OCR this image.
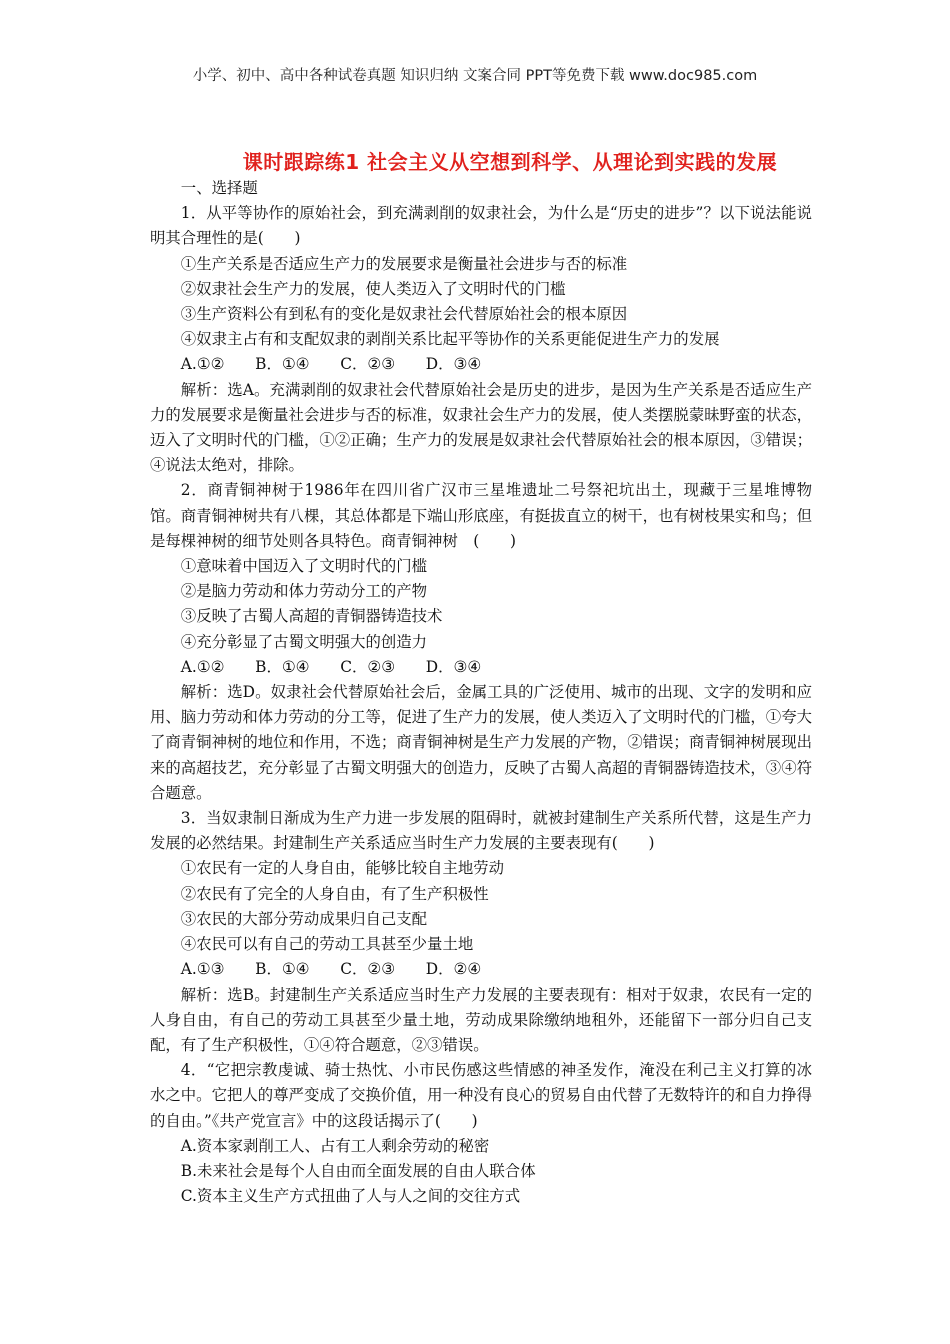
小学、初中、高中各种试卷真题 知识归纳 文案合同 PPT等免费下载 www.doc985.com
课时跟踪练1 社会主义从空想到科学、从理论到实践的发展

一、选择题

1．从平等协作的原始社会，到充满剥削的奴隶社会，为什么是“历史的进步”？以下说法能说明其合理性的是(　　)

①生产关系是否适应生产力的发展要求是衡量社会进步与否的标准

②奴隶社会生产力的发展，使人类迈入了文明时代的门槛

③生产资料公有到私有的变化是奴隶社会代替原始社会的根本原因

④奴隶主占有和支配奴隶的剥削关系比起平等协作的关系更能促进生产力的发展

A.①②　　B．①④　　C．②③　　D．③④

解析：选A。充满剥削的奴隶社会代替原始社会是历史的进步，是因为生产关系是否适应生产力的发展要求是衡量社会进步与否的标准，奴隶社会生产力的发展，使人类摆脱蒙昧野蛮的状态，迈入了文明时代的门槛，①②正确；生产力的发展是奴隶社会代替原始社会的根本原因，③错误；④说法太绝对，排除。

2．商青铜神树于1986年在四川省广汉市三星堆遗址二号祭祀坑出土，现藏于三星堆博物馆。商青铜神树共有八棵，其总体都是下端山形底座，有挺拔直立的树干，也有树枝果实和鸟；但是每棵神树的细节处则各具特色。商青铜神树　(　　)

①意味着中国迈入了文明时代的门槛

②是脑力劳动和体力劳动分工的产物

③反映了古蜀人高超的青铜器铸造技术

④充分彰显了古蜀文明强大的创造力

A.①②　　B．①④　　C．②③　　D．③④

解析：选D。奴隶社会代替原始社会后，金属工具的广泛使用、城市的出现、文字的发明和应用、脑力劳动和体力劳动的分工等，促进了生产力的发展，使人类迈入了文明时代的门槛，①夸大了商青铜神树的地位和作用，不选；商青铜神树是生产力发展的产物，②错误；商青铜神树展现出来的高超技艺，充分彰显了古蜀文明强大的创造力，反映了古蜀人高超的青铜器铸造技术，③④符合题意。

3．当奴隶制日渐成为生产力进一步发展的阻碍时，就被封建制生产关系所代替，这是生产力发展的必然结果。封建制生产关系适应当时生产力发展的主要表现有(　　)

①农民有一定的人身自由，能够比较自主地劳动

②农民有了完全的人身自由，有了生产积极性

③农民的大部分劳动成果归自己支配

④农民可以有自己的劳动工具甚至少量土地

A.①③　　B．①④　　C．②③　　D．②④

解析：选B。封建制生产关系适应当时生产力发展的主要表现有：相对于奴隶，农民有一定的人身自由，有自己的劳动工具甚至少量土地，劳动成果除缴纳地租外，还能留下一部分归自己支配，有了生产积极性，①④符合题意，②③错误。

4．“它把宗教虔诚、骑士热忱、小市民伤感这些情感的神圣发作，淹没在利己主义打算的冰水之中。它把人的尊严变成了交换价值，用一种没有良心的贸易自由代替了无数特许的和自力挣得的自由。”《共产党宣言》中的这段话揭示了(　　)

A.资本家剥削工人、占有工人剩余劳动的秘密

B.未来社会是每个人自由而全面发展的自由人联合体

C.资本主义生产方式扭曲了人与人之间的交往方式
